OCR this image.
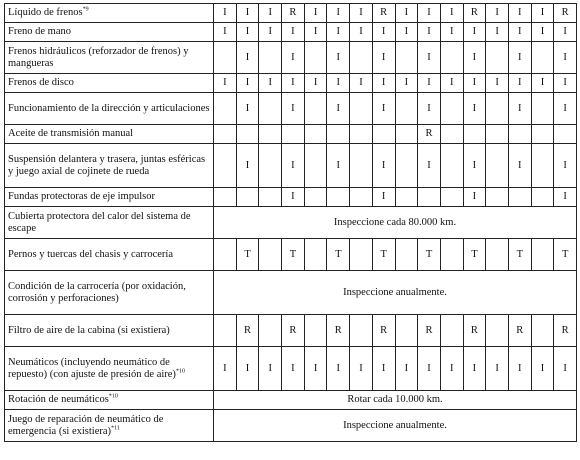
Líquido de frenos$^{*9}$	I	I	I	R	I	I	I	R	I	I	I	R	I	I	I	R
Freno de mano	I	I	I	I	I	I	I	I	I	I	I	I	I	I	I	I
Frenos hidráulicos (reforzador de frenos) y mangueras		I		I		I		I		I		I		I		I
Frenos de disco	I	I	I	I	I	I	I	I	I	I	I	I	I	I	I	I
Funcionamiento de la dirección y articulaciones		I		I		I		I		I		I		I		I
Aceite de transmisión manual										R						
Suspensión delantera y trasera, juntas esféricas y juego axial de cojinete de rueda		I		I		I		I		I		I		I		I
Fundas protectoras de eje impulsor				I				I				I				I
Cubierta protectora del calor del sistema de escape	Inspeccione cada 80.000 km.															
Pernos y tuercas del chasis y carrocería		T		T		T		T		T		T		T		T
Condición de la carrocería (por oxidación, corrosión y perforaciones)	Inspeccione anualmente.															
Filtro de aire de la cabina (si existiera)		R		R		R		R		R		R		R		R
Neumáticos (incluyendo neumático de repuesto) (con ajuste de presión de aire)$^{*10}$	I	I	I	I	I	I	I	I	I	I	I	I	I	I	I	I
Rotación de neumáticos$^{*10}$	Rotar cada 10.000 km.															
Juego de reparación de neumático de emergencia (si existiera)$^{*11}$	Inspeccione anualmente.															
